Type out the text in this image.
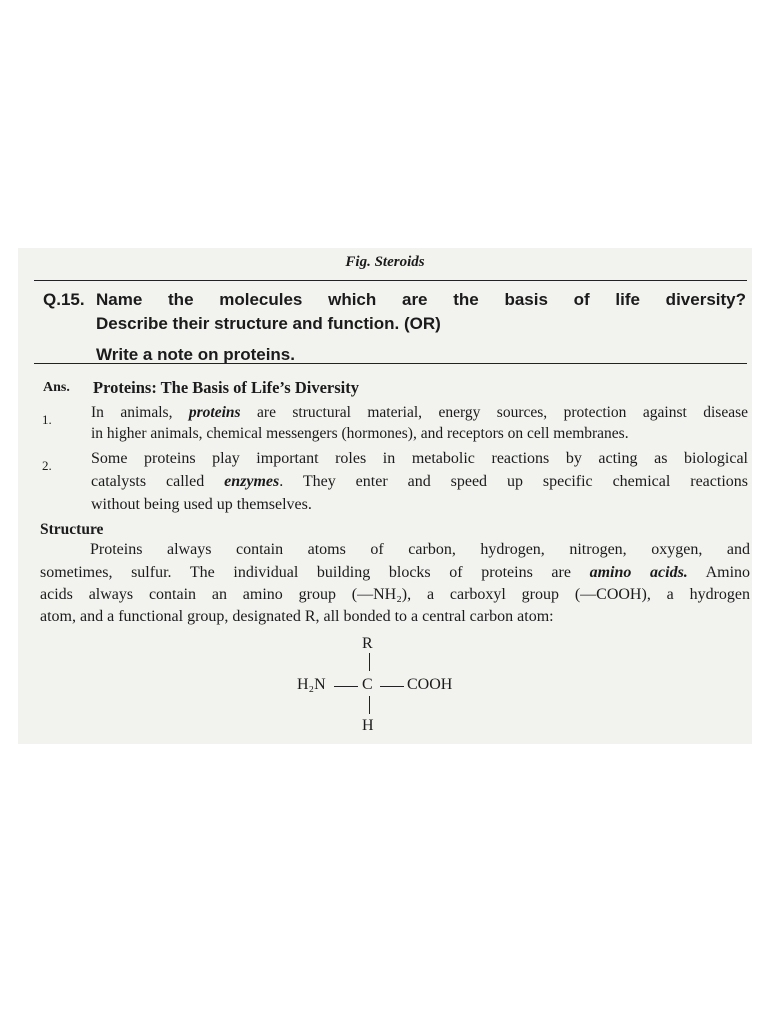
Fig. Steroids
Q.15. Name the molecules which are the basis of life diversity?
Describe their structure and function. (OR)
Write a note on proteins.
Ans. Proteins: The Basis of Life’s Diversity
1.	In animals, proteins are structural material, energy sources, protection against disease
in higher animals, chemical messengers (hormones), and receptors on cell membranes.
2. Some proteins play important roles in metabolic reactions by acting as biological
catalysts called enzymes. They enter and speed up specific chemical reactions
without being used up themselves.
Structure
Proteins always contain atoms of carbon, hydrogen, nitrogen, oxygen, and
sometimes, sulfur. The individual building blocks of proteins are amino acids. Amino
acids always contain an amino group (—NH₂), a carboxyl group (—COOH), a hydrogen
atom, and a functional group, designated R, all bonded to a central carbon atom:
R
H₂N C COOH
H
